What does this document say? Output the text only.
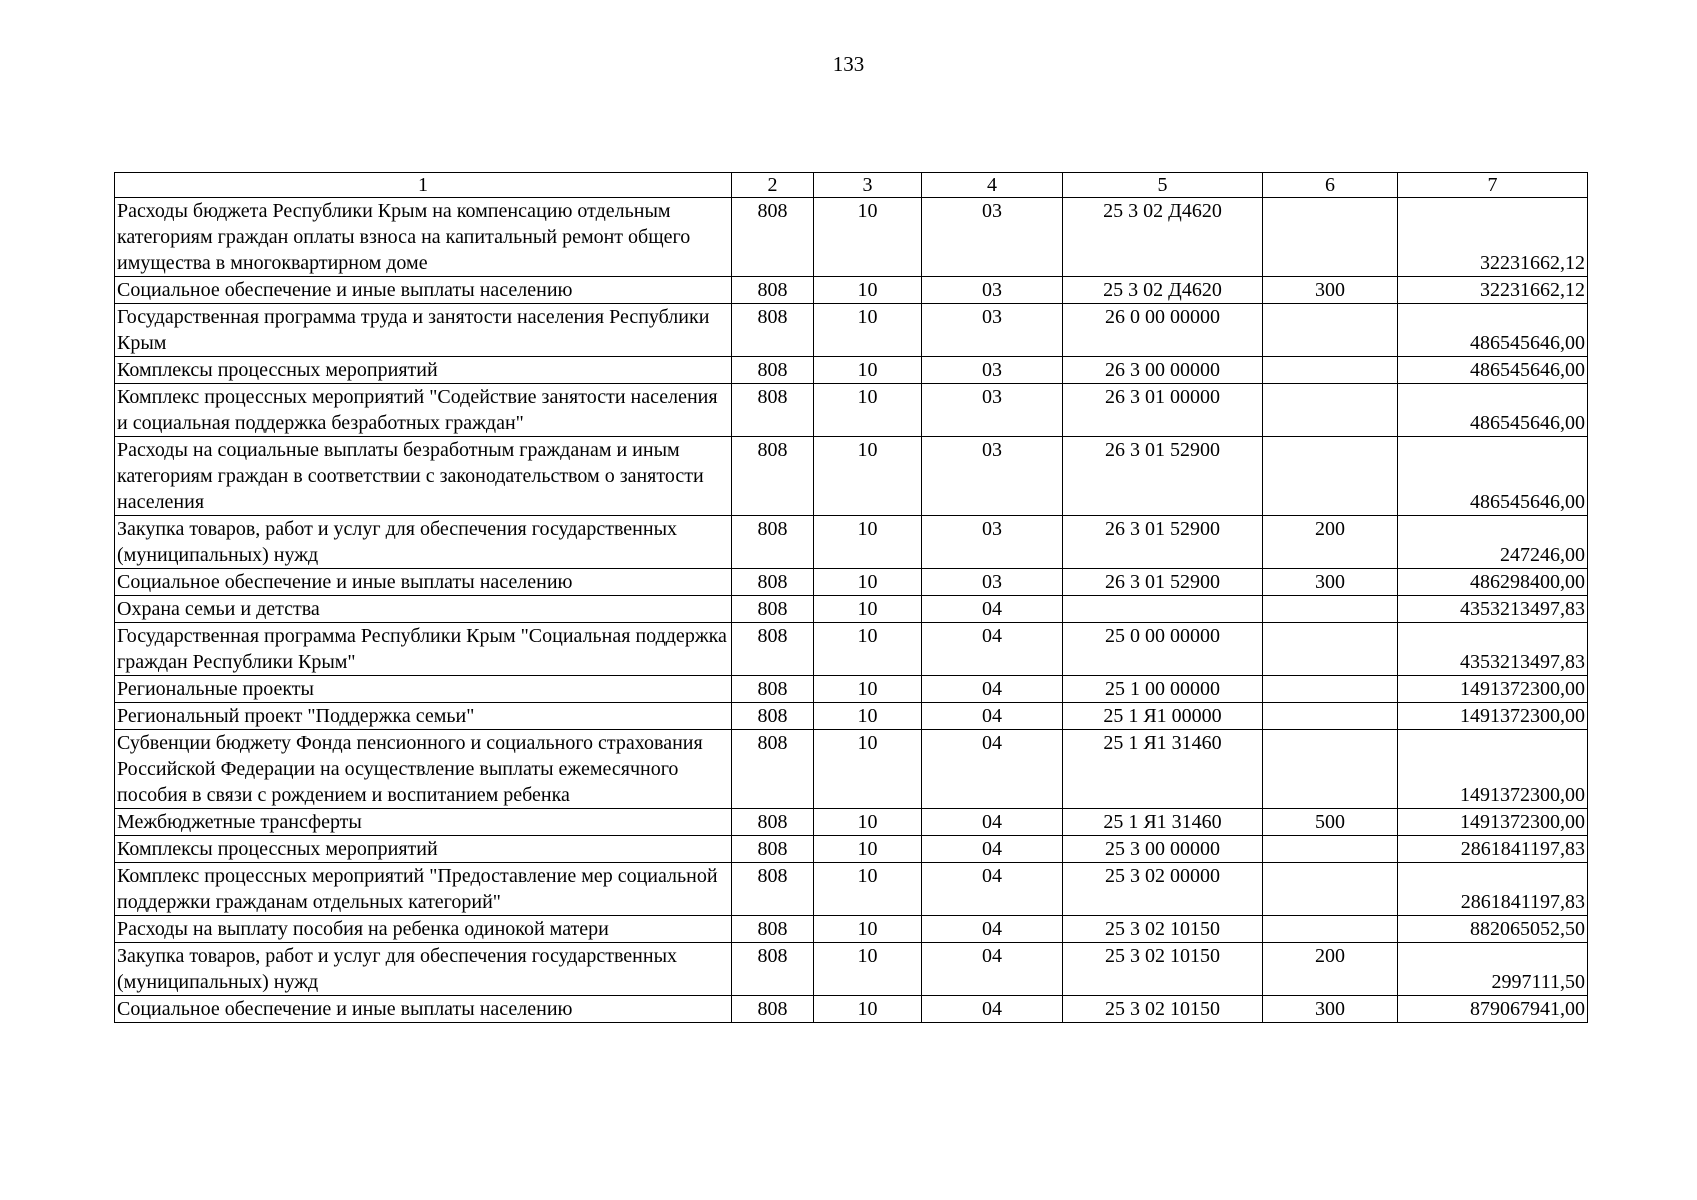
133
1	2	3	4	5	6	7
Расходы бюджета Республики Крым на компенсацию отдельным категориям граждан оплаты взноса на капитальный ремонт общего имущества в многоквартирном доме	808	10	03	25 3 02 Д4620		32231662,12
Социальное обеспечение и иные выплаты населению	808	10	03	25 3 02 Д4620	300	32231662,12
Государственная программа труда и занятости населения Республики Крым	808	10	03	26 0 00 00000		486545646,00
Комплексы процессных мероприятий	808	10	03	26 3 00 00000		486545646,00
Комплекс процессных мероприятий "Содействие занятости населения и социальная поддержка безработных граждан"	808	10	03	26 3 01 00000		486545646,00
Расходы на социальные выплаты безработным гражданам и иным категориям граждан в соответствии с законодательством о занятости населения	808	10	03	26 3 01 52900		486545646,00
Закупка товаров, работ и услуг для обеспечения государственных (муниципальных) нужд	808	10	03	26 3 01 52900	200	247246,00
Социальное обеспечение и иные выплаты населению	808	10	03	26 3 01 52900	300	486298400,00
Охрана семьи и детства	808	10	04			4353213497,83
Государственная программа Республики Крым "Социальная поддержка граждан Республики Крым"	808	10	04	25 0 00 00000		4353213497,83
Региональные проекты	808	10	04	25 1 00 00000		1491372300,00
Региональный проект "Поддержка семьи"	808	10	04	25 1 Я1 00000		1491372300,00
Субвенции бюджету Фонда пенсионного и социального страхования Российской Федерации на осуществление выплаты ежемесячного пособия в связи с рождением и воспитанием ребенка	808	10	04	25 1 Я1 31460		1491372300,00
Межбюджетные трансферты	808	10	04	25 1 Я1 31460	500	1491372300,00
Комплексы процессных мероприятий	808	10	04	25 3 00 00000		2861841197,83
Комплекс процессных мероприятий "Предоставление мер социальной поддержки гражданам отдельных категорий"	808	10	04	25 3 02 00000		2861841197,83
Расходы на выплату пособия на ребенка одинокой матери	808	10	04	25 3 02 10150		882065052,50
Закупка товаров, работ и услуг для обеспечения государственных (муниципальных) нужд	808	10	04	25 3 02 10150	200	2997111,50
Социальное обеспечение и иные выплаты населению	808	10	04	25 3 02 10150	300	879067941,00
